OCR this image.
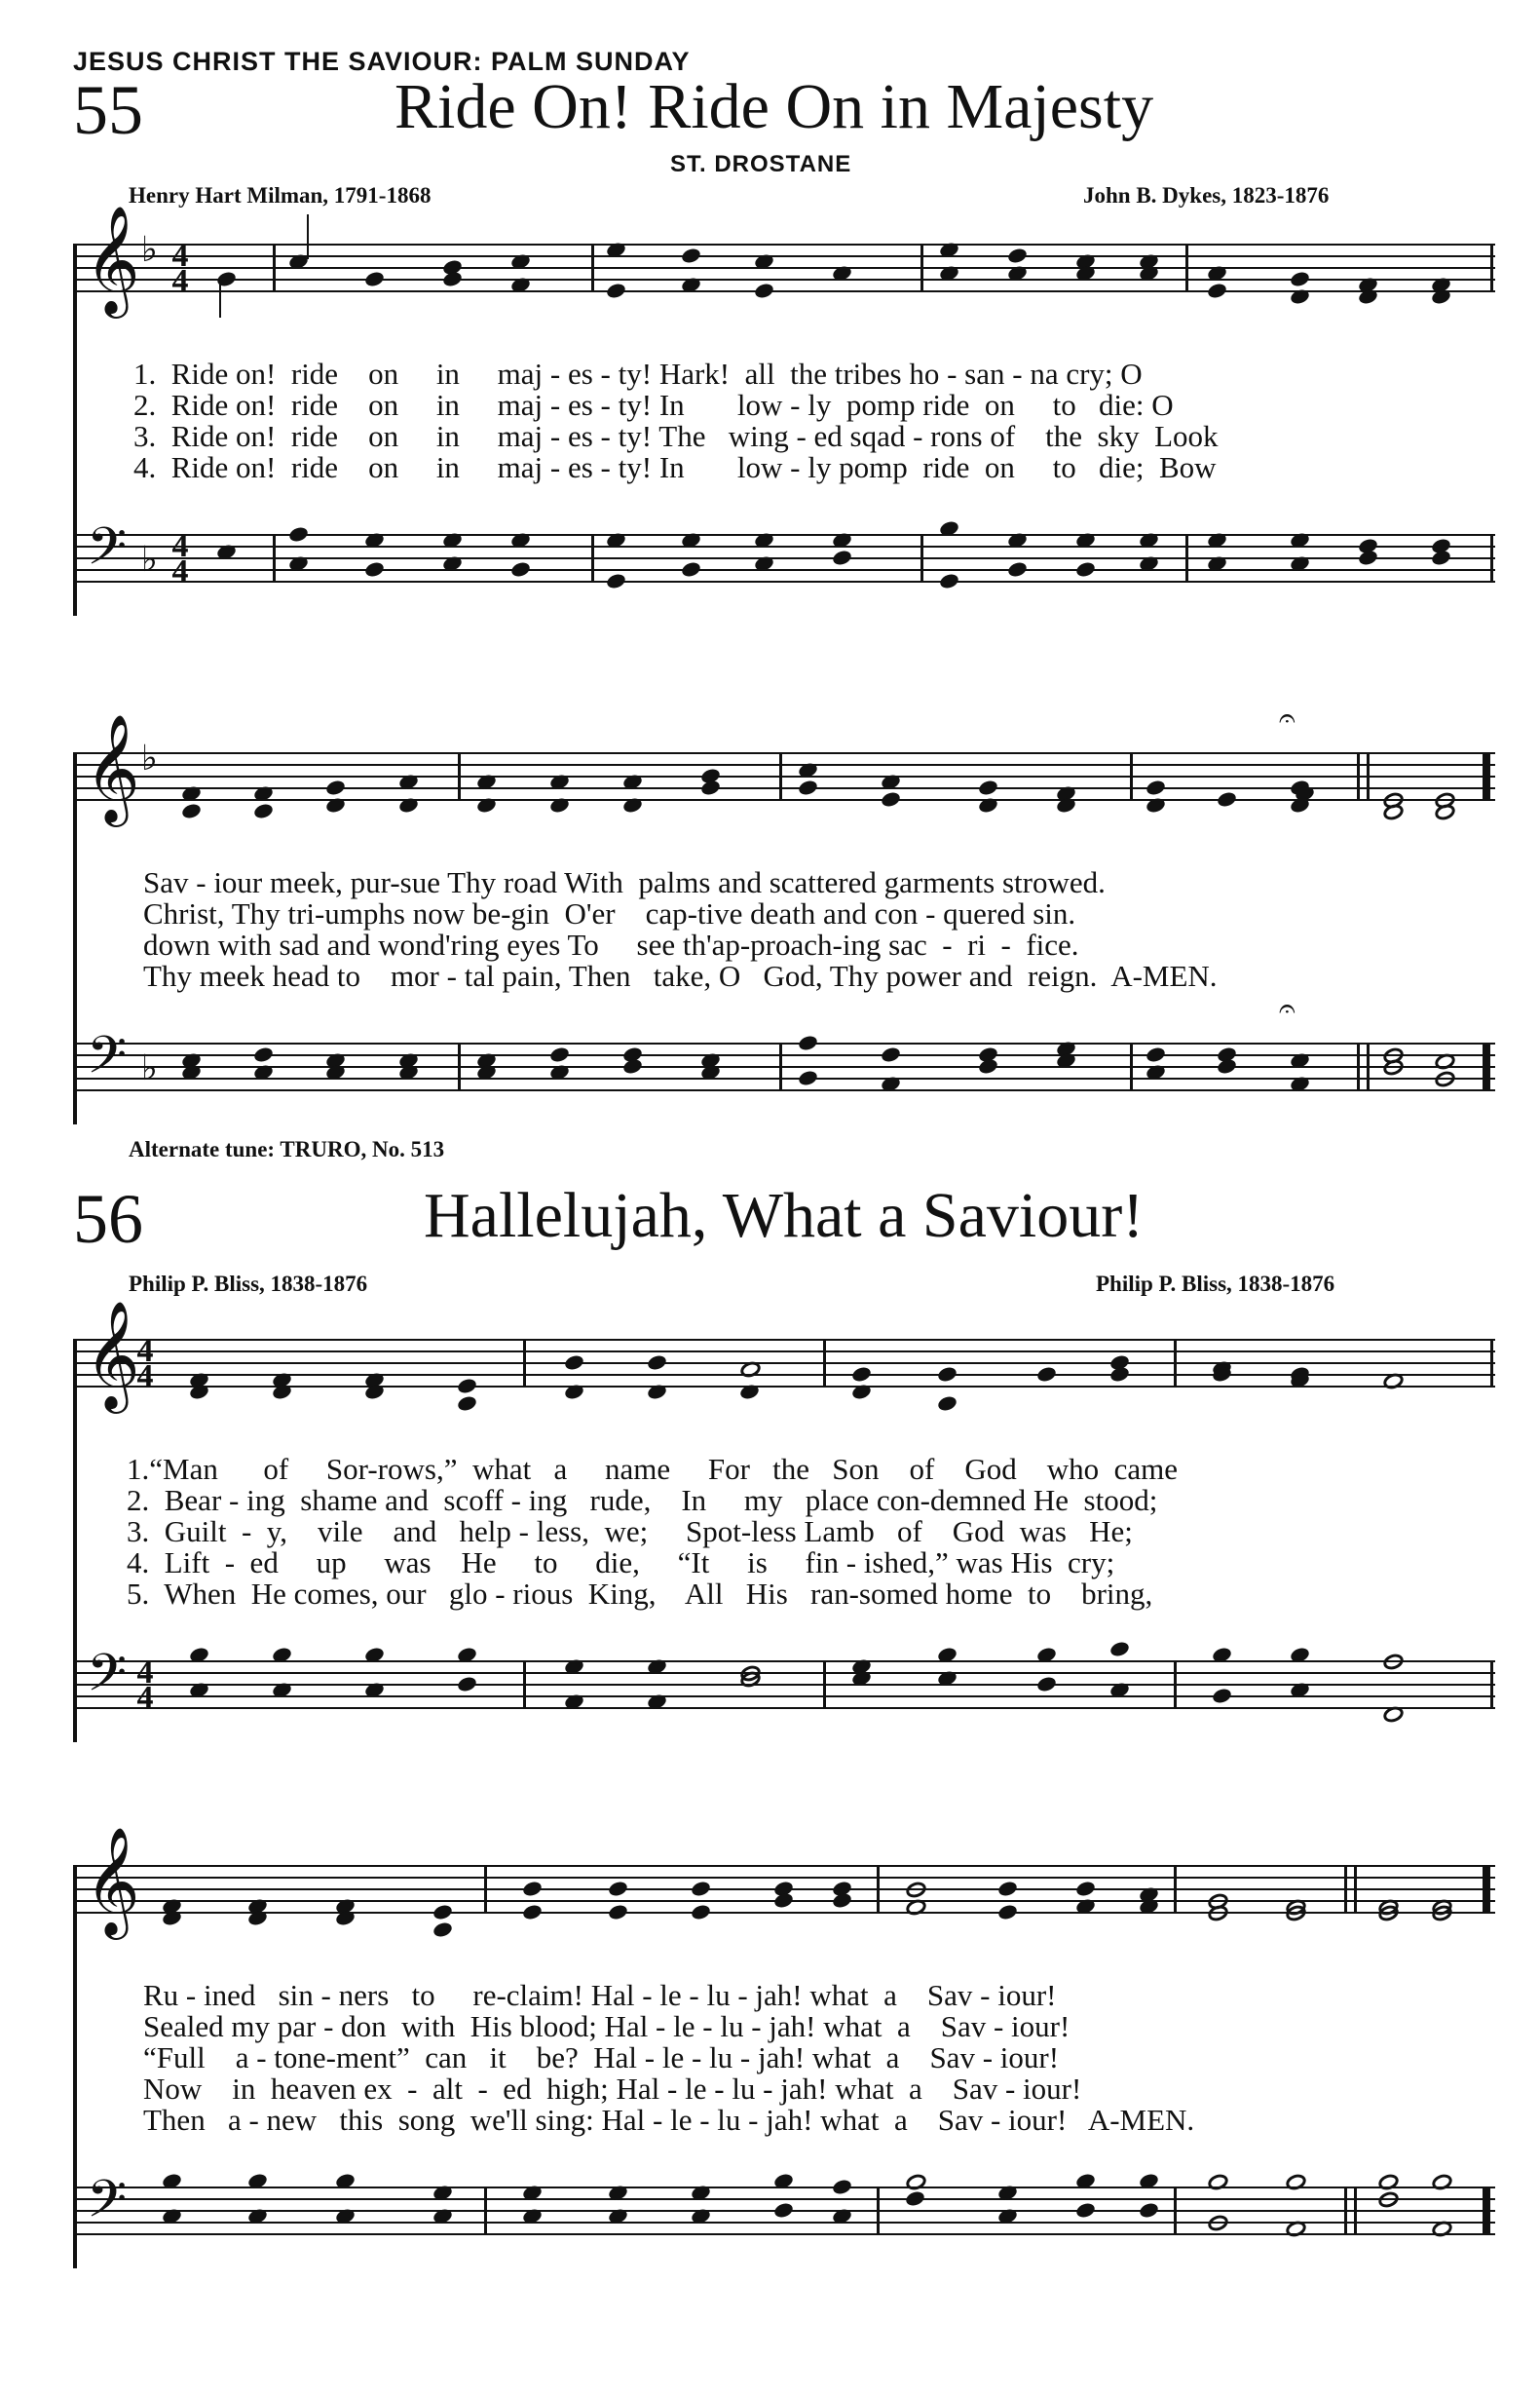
JESUS CHRIST THE SAVIOUR: PALM SUNDAY
55	Ride On! Ride On in Majesty
ST. DROSTANE
Henry Hart Milman, 1791-1868	John B. Dykes, 1823-1876
𝄞 ♭ 4
4
1.  Ride on!  ride    on     in     maj - es - ty! Hark!  all  the tribes ho - san - na cry; O
2.  Ride on!  ride    on     in     maj - es - ty! In       low - ly  pomp ride  on     to   die: O
3.  Ride on!  ride    on     in     maj - es - ty! The   wing - ed sqad - rons of    the  sky  Look
4.  Ride on!  ride    on     in     maj - es - ty! In       low - ly pomp  ride  on     to   die;  Bow
𝄢 ♭ 4
4
𝄞 ♭
𝄐
Sav - iour meek, pur-sue Thy road With  palms and scattered garments strowed.
Christ, Thy tri-umphs now be-gin  O'er    cap-tive death and con - quered sin.
down with sad and wond'ring eyes To     see th'ap-proach-ing sac  -  ri  -  fice.
Thy meek head to    mor - tal pain, Then   take, O   God, Thy power and  reign.  A-MEN.
𝄢 ♭
𝄐
Alternate tune: TRURO, No. 513
56	Hallelujah, What a Saviour!
Philip P. Bliss, 1838-1876	Philip P. Bliss, 1838-1876
𝄞
4
4
1.“Man      of     Sor-rows,”  what   a     name     For   the   Son    of    God    who  came
2.  Bear - ing  shame and  scoff - ing   rude,    In     my   place con-demned He  stood;
3.  Guilt  -  y,    vile    and   help - less,  we;     Spot-less Lamb   of    God  was   He;
4.  Lift  -  ed     up     was    He     to     die,     “It     is     fin - ished,” was His  cry;
5.  When  He comes, our   glo - rious  King,    All   His   ran-somed home  to    bring,
𝄢 4
4
𝄞
Ru - ined   sin - ners   to     re-claim! Hal - le - lu - jah! what  a    Sav - iour!
Sealed my par - don  with  His blood; Hal - le - lu - jah! what  a    Sav - iour!
“Full    a - tone-ment”  can   it    be?  Hal - le - lu - jah! what  a    Sav - iour!
Now    in  heaven ex  -  alt  -  ed  high; Hal - le - lu - jah! what  a    Sav - iour!
Then   a - new   this  song  we'll sing: Hal - le - lu - jah! what  a    Sav - iour!   A-MEN.
𝄢
